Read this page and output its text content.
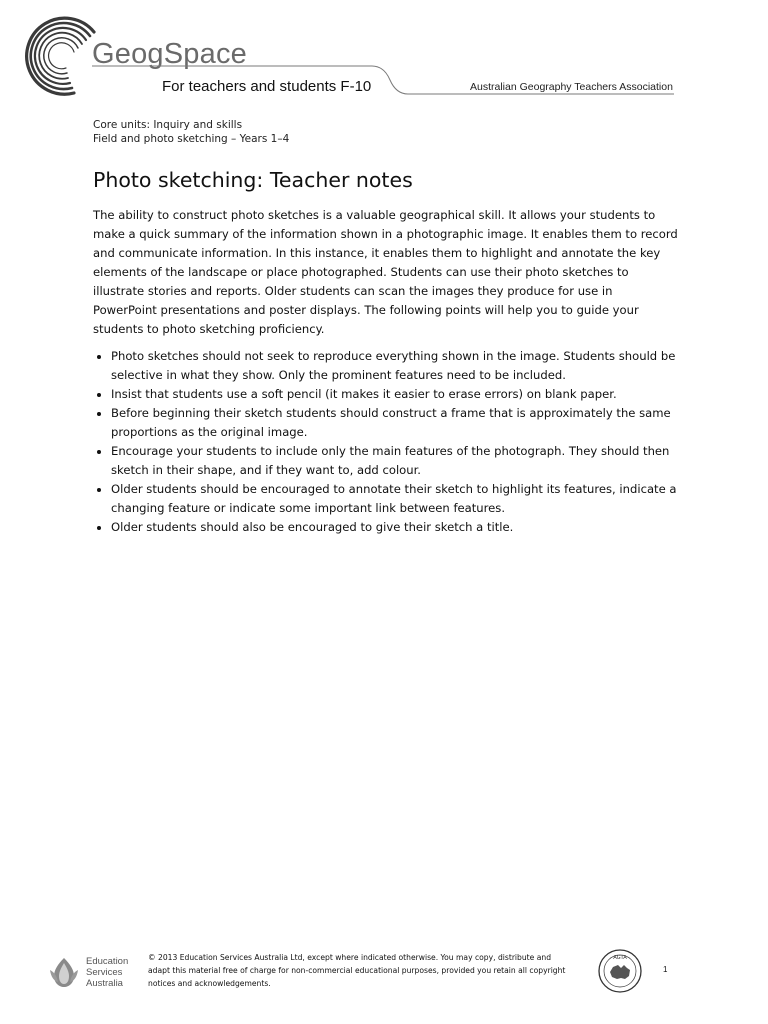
GeogSpace
For teachers and students F-10	Australian Geography Teachers Association
Core units: Inquiry and skills
Field and photo sketching – Years 1–4
Photo sketching: Teacher notes

The ability to construct photo sketches is a valuable geographical skill. It allows your students to make a quick summary of the information shown in a photographic image. It enables them to record and communicate information. In this instance, it enables them to highlight and annotate the key elements of the landscape or place photographed. Students can use their photo sketches to illustrate stories and reports. Older students can scan the images they produce for use in PowerPoint presentations and poster displays. The following points will help you to guide your students to photo sketching proficiency.

• Photo sketches should not seek to reproduce everything shown in the image. Students should be selective in what they show. Only the prominent features need to be included.
• Insist that students use a soft pencil (it makes it easier to erase errors) on blank paper.
• Before beginning their sketch students should construct a frame that is approximately the same proportions as the original image.
• Encourage your students to include only the main features of the photograph. They should then sketch in their shape, and if they want to, add colour.
• Older students should be encouraged to annotate their sketch to highlight its features, indicate a changing feature or indicate some important link between features.
• Older students should also be encouraged to give their sketch a title.
Education
Services
Australia
© 2013 Education Services Australia Ltd, except where indicated otherwise. You may copy, distribute and adapt this material free of charge for non-commercial educational purposes, provided you retain all copyright notices and acknowledgements.
AGTA
1
